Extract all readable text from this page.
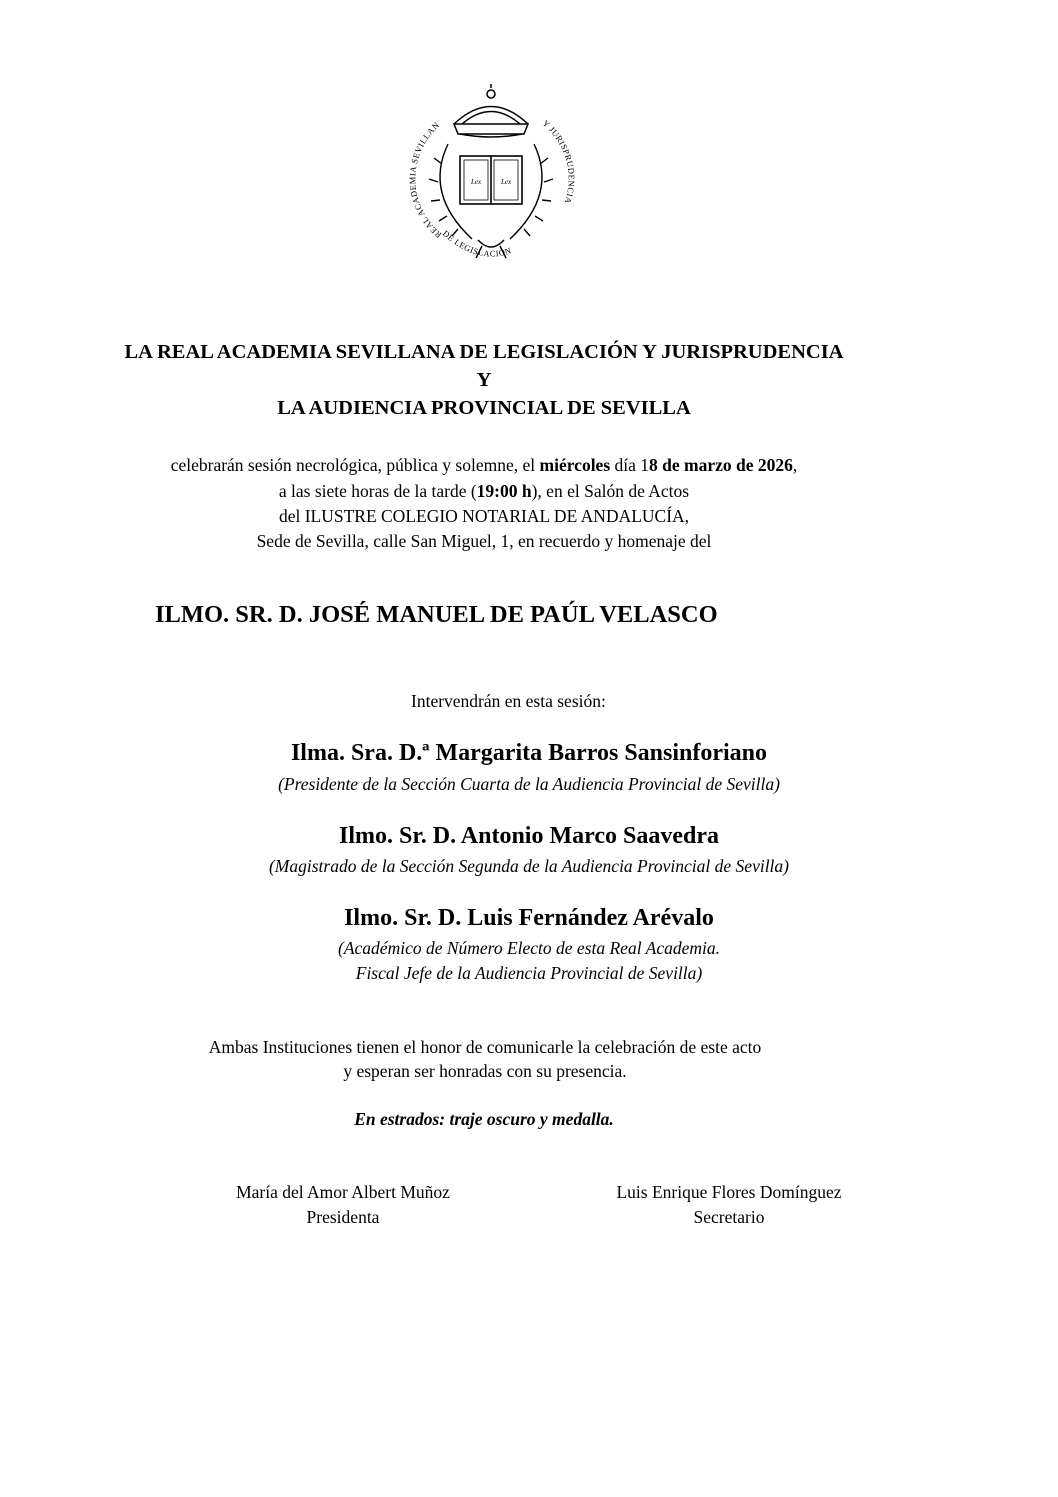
Lex	Lex
REAL ACADEMIA SEVILLAN	Y JURISPRUDENCIA
DE LEGISLACIÓN
LA REAL ACADEMIA SEVILLANA DE LEGISLACIÓN Y JURISPRUDENCIA
Y
LA AUDIENCIA PROVINCIAL DE SEVILLA
celebrarán sesión necrológica, pública y solemne, el miércoles día 18 de marzo de 2026,
a las siete horas de la tarde (19:00 h), en el Salón de Actos
del ILUSTRE COLEGIO NOTARIAL DE ANDALUCÍA,
Sede de Sevilla, calle San Miguel, 1, en recuerdo y homenaje del
ILMO. SR. D. JOSÉ MANUEL DE PAÚL VELASCO
Intervendrán en esta sesión:
Ilma. Sra. D.ª Margarita Barros Sansinforiano
(Presidente de la Sección Cuarta de la Audiencia Provincial de Sevilla)
Ilmo. Sr. D. Antonio Marco Saavedra
(Magistrado de la Sección Segunda de la Audiencia Provincial de Sevilla)
Ilmo. Sr. D. Luis Fernández Arévalo
(Académico de Número Electo de esta Real Academia.
Fiscal Jefe de la Audiencia Provincial de Sevilla)
Ambas Instituciones tienen el honor de comunicarle la celebración de este acto
y esperan ser honradas con su presencia.
En estrados: traje oscuro y medalla.
María del Amor Albert Muñoz
Presidenta
Luis Enrique Flores Domínguez
Secretario
